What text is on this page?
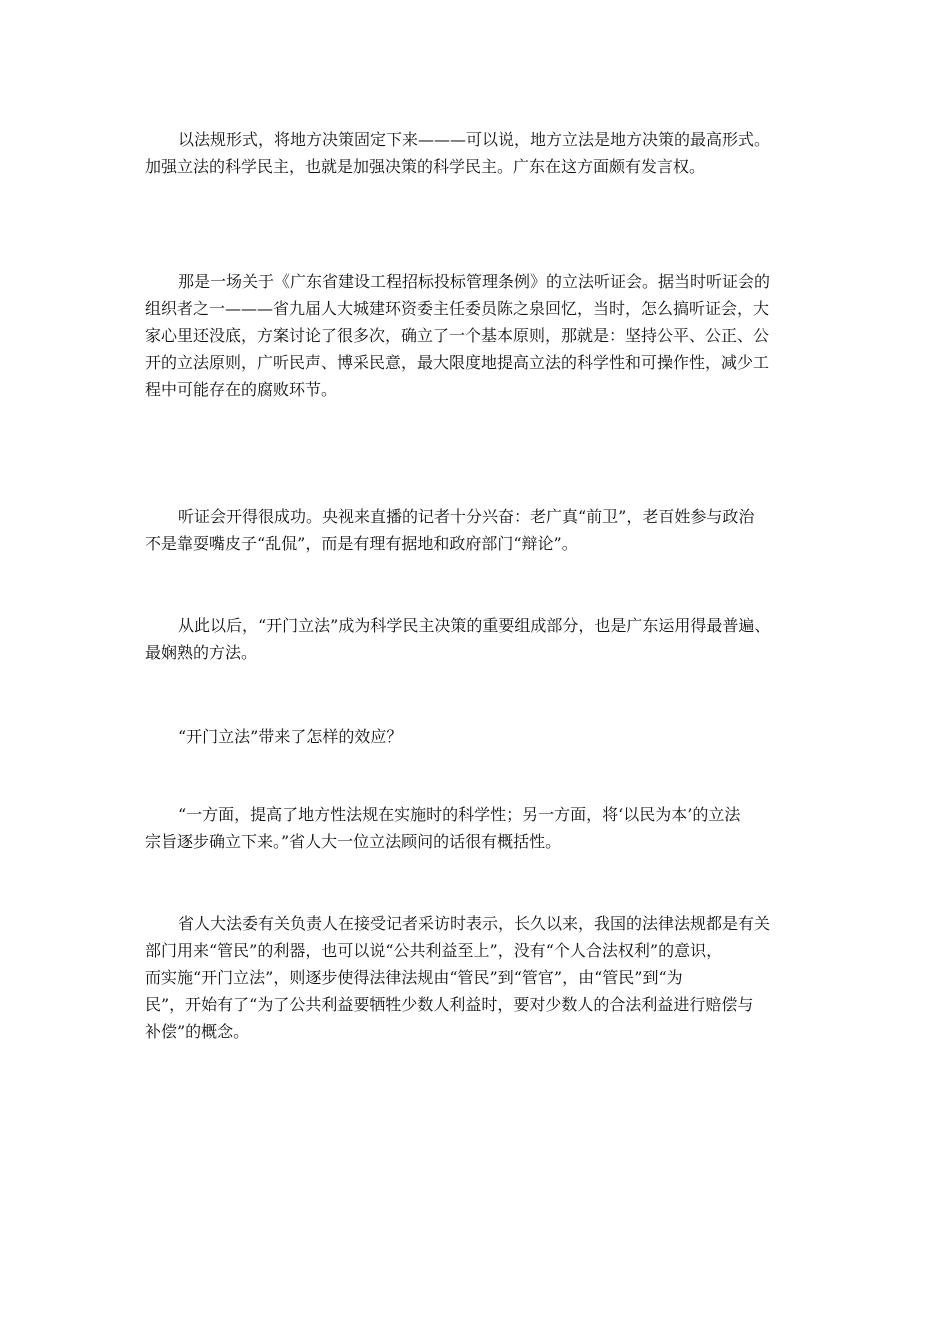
以法规形式，将地方决策固定下来———可以说，地方立法是地方决策的最高形式。
加强立法的科学民主，也就是加强决策的科学民主。广东在这方面颇有发言权。
那是一场关于《广东省建设工程招标投标管理条例》的立法听证会。据当时听证会的
组织者之一———省九届人大城建环资委主任委员陈之泉回忆，当时，怎么搞听证会，大
家心里还没底，方案讨论了很多次，确立了一个基本原则，那就是：坚持公平、公正、公
开的立法原则，广听民声、博采民意，最大限度地提高立法的科学性和可操作性，减少工
程中可能存在的腐败环节。
听证会开得很成功。央视来直播的记者十分兴奋：老广真“前卫”，老百姓参与政治
不是靠耍嘴皮子“乱侃”，而是有理有据地和政府部门“辩论”。
从此以后，“开门立法”成为科学民主决策的重要组成部分，也是广东运用得最普遍、
最娴熟的方法。
“开门立法”带来了怎样的效应？
“一方面，提高了地方性法规在实施时的科学性；另一方面，将‘以民为本’的立法
宗旨逐步确立下来。”省人大一位立法顾问的话很有概括性。
省人大法委有关负责人在接受记者采访时表示，长久以来，我国的法律法规都是有关
部门用来“管民”的利器，也可以说“公共利益至上”，没有“个人合法权利”的意识，
而实施“开门立法”，则逐步使得法律法规由“管民”到“管官”，由“管民”到“为
民”，开始有了“为了公共利益要牺牲少数人利益时，要对少数人的合法利益进行赔偿与
补偿”的概念。
